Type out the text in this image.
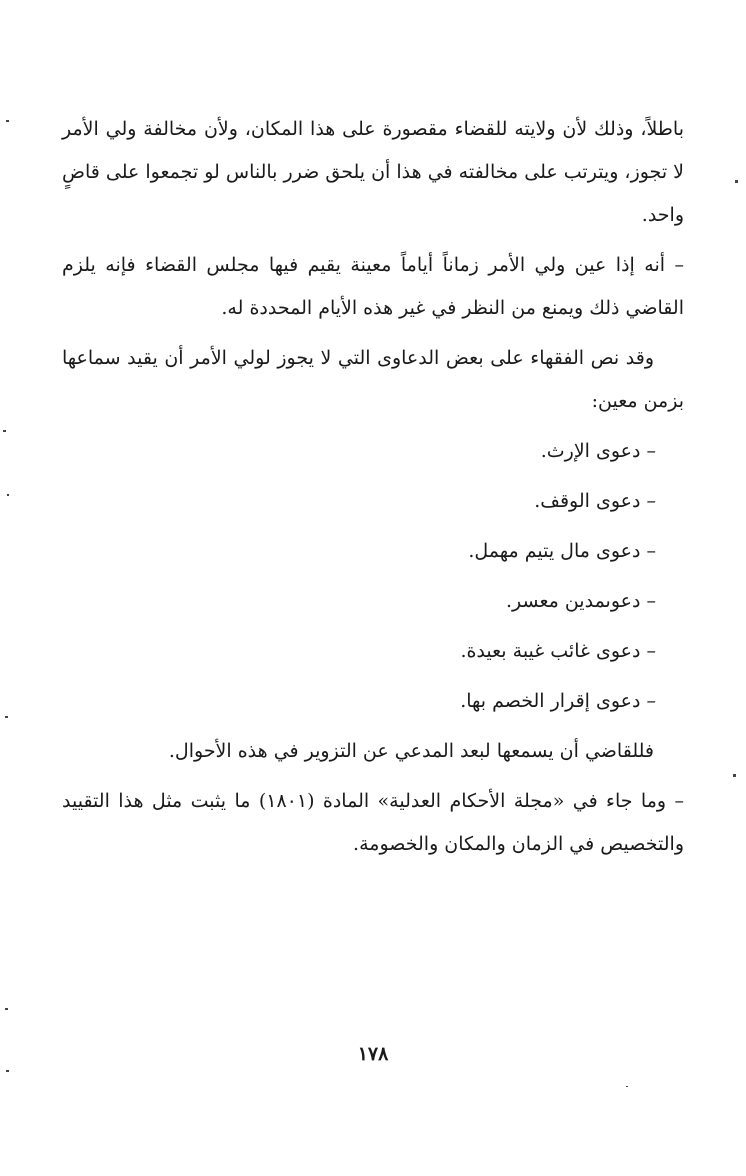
باطلاً، وذلك لأن ولايته للقضاء مقصورة على هذا المكان، ولأن مخالفة ولي الأمر لا تجوز، ويترتب على مخالفته في هذا أن يلحق ضرر بالناس لو تجمعوا على قاضٍ واحد.

– أنه إذا عين ولي الأمر زماناً أياماً معينة يقيم فيها مجلس القضاء فإنه يلزم القاضي ذلك ويمنع من النظر في غير هذه الأيام المحددة له.

وقد نص الفقهاء على بعض الدعاوى التي لا يجوز لولي الأمر أن يقيد سماعها بزمن معين:

– دعوى الإرث.
– دعوى الوقف.
– دعوى مال يتيم مهمل.
– دعوىمدين معسر.
– دعوى غائب غيبة بعيدة.
– دعوى إقرار الخصم بها.

فللقاضي أن يسمعها لبعد المدعي عن التزوير في هذه الأحوال.

– وما جاء في «مجلة الأحكام العدلية» المادة (١٨٠١) ما يثبت مثل هذا التقييد والتخصيص في الزمان والمكان والخصومة.

١٧٨
